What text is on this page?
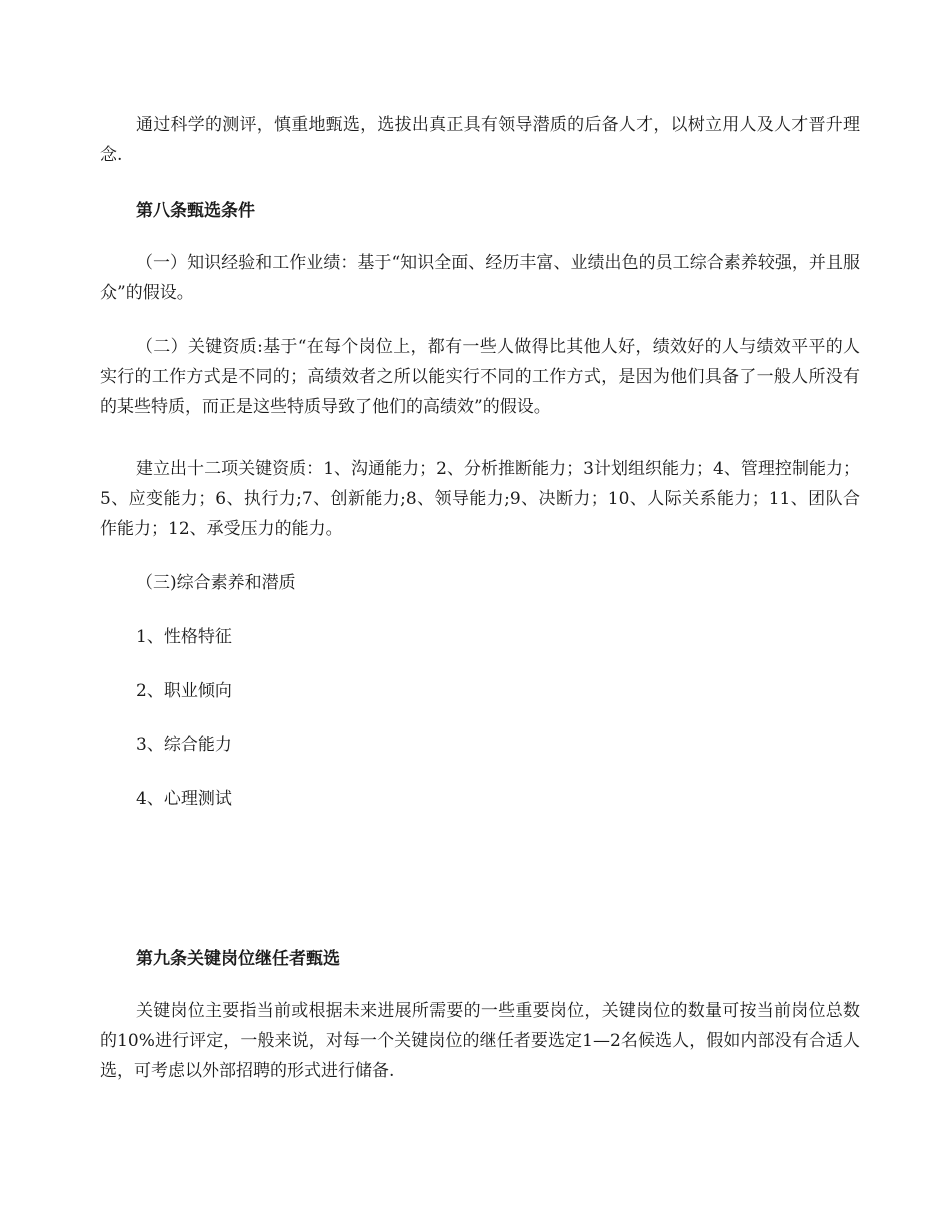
通过科学的测评，慎重地甄选，选拔出真正具有领导潜质的后备人才，以树立用人及人才晋升理念.

第八条甄选条件

（一）知识经验和工作业绩：基于“知识全面、经历丰富、业绩出色的员工综合素养较强，并且服众”的假设。

（二）关键资质:基于“在每个岗位上，都有一些人做得比其他人好，绩效好的人与绩效平平的人实行的工作方式是不同的；高绩效者之所以能实行不同的工作方式，是因为他们具备了一般人所没有的某些特质，而正是这些特质导致了他们的高绩效”的假设。

建立出十二项关键资质：1、沟通能力；2、分析推断能力；3计划组织能力；4、管理控制能力；5、应变能力；6、执行力;7、创新能力;8、领导能力;9、决断力；10、人际关系能力；11、团队合作能力；12、承受压力的能力。

（三)综合素养和潜质

1、性格特征

2、职业倾向

3、综合能力

4、心理测试

第九条关键岗位继任者甄选

关键岗位主要指当前或根据未来进展所需要的一些重要岗位，关键岗位的数量可按当前岗位总数的10%进行评定，一般来说，对每一个关键岗位的继任者要选定1—2名候选人，假如内部没有合适人选，可考虑以外部招聘的形式进行储备.
